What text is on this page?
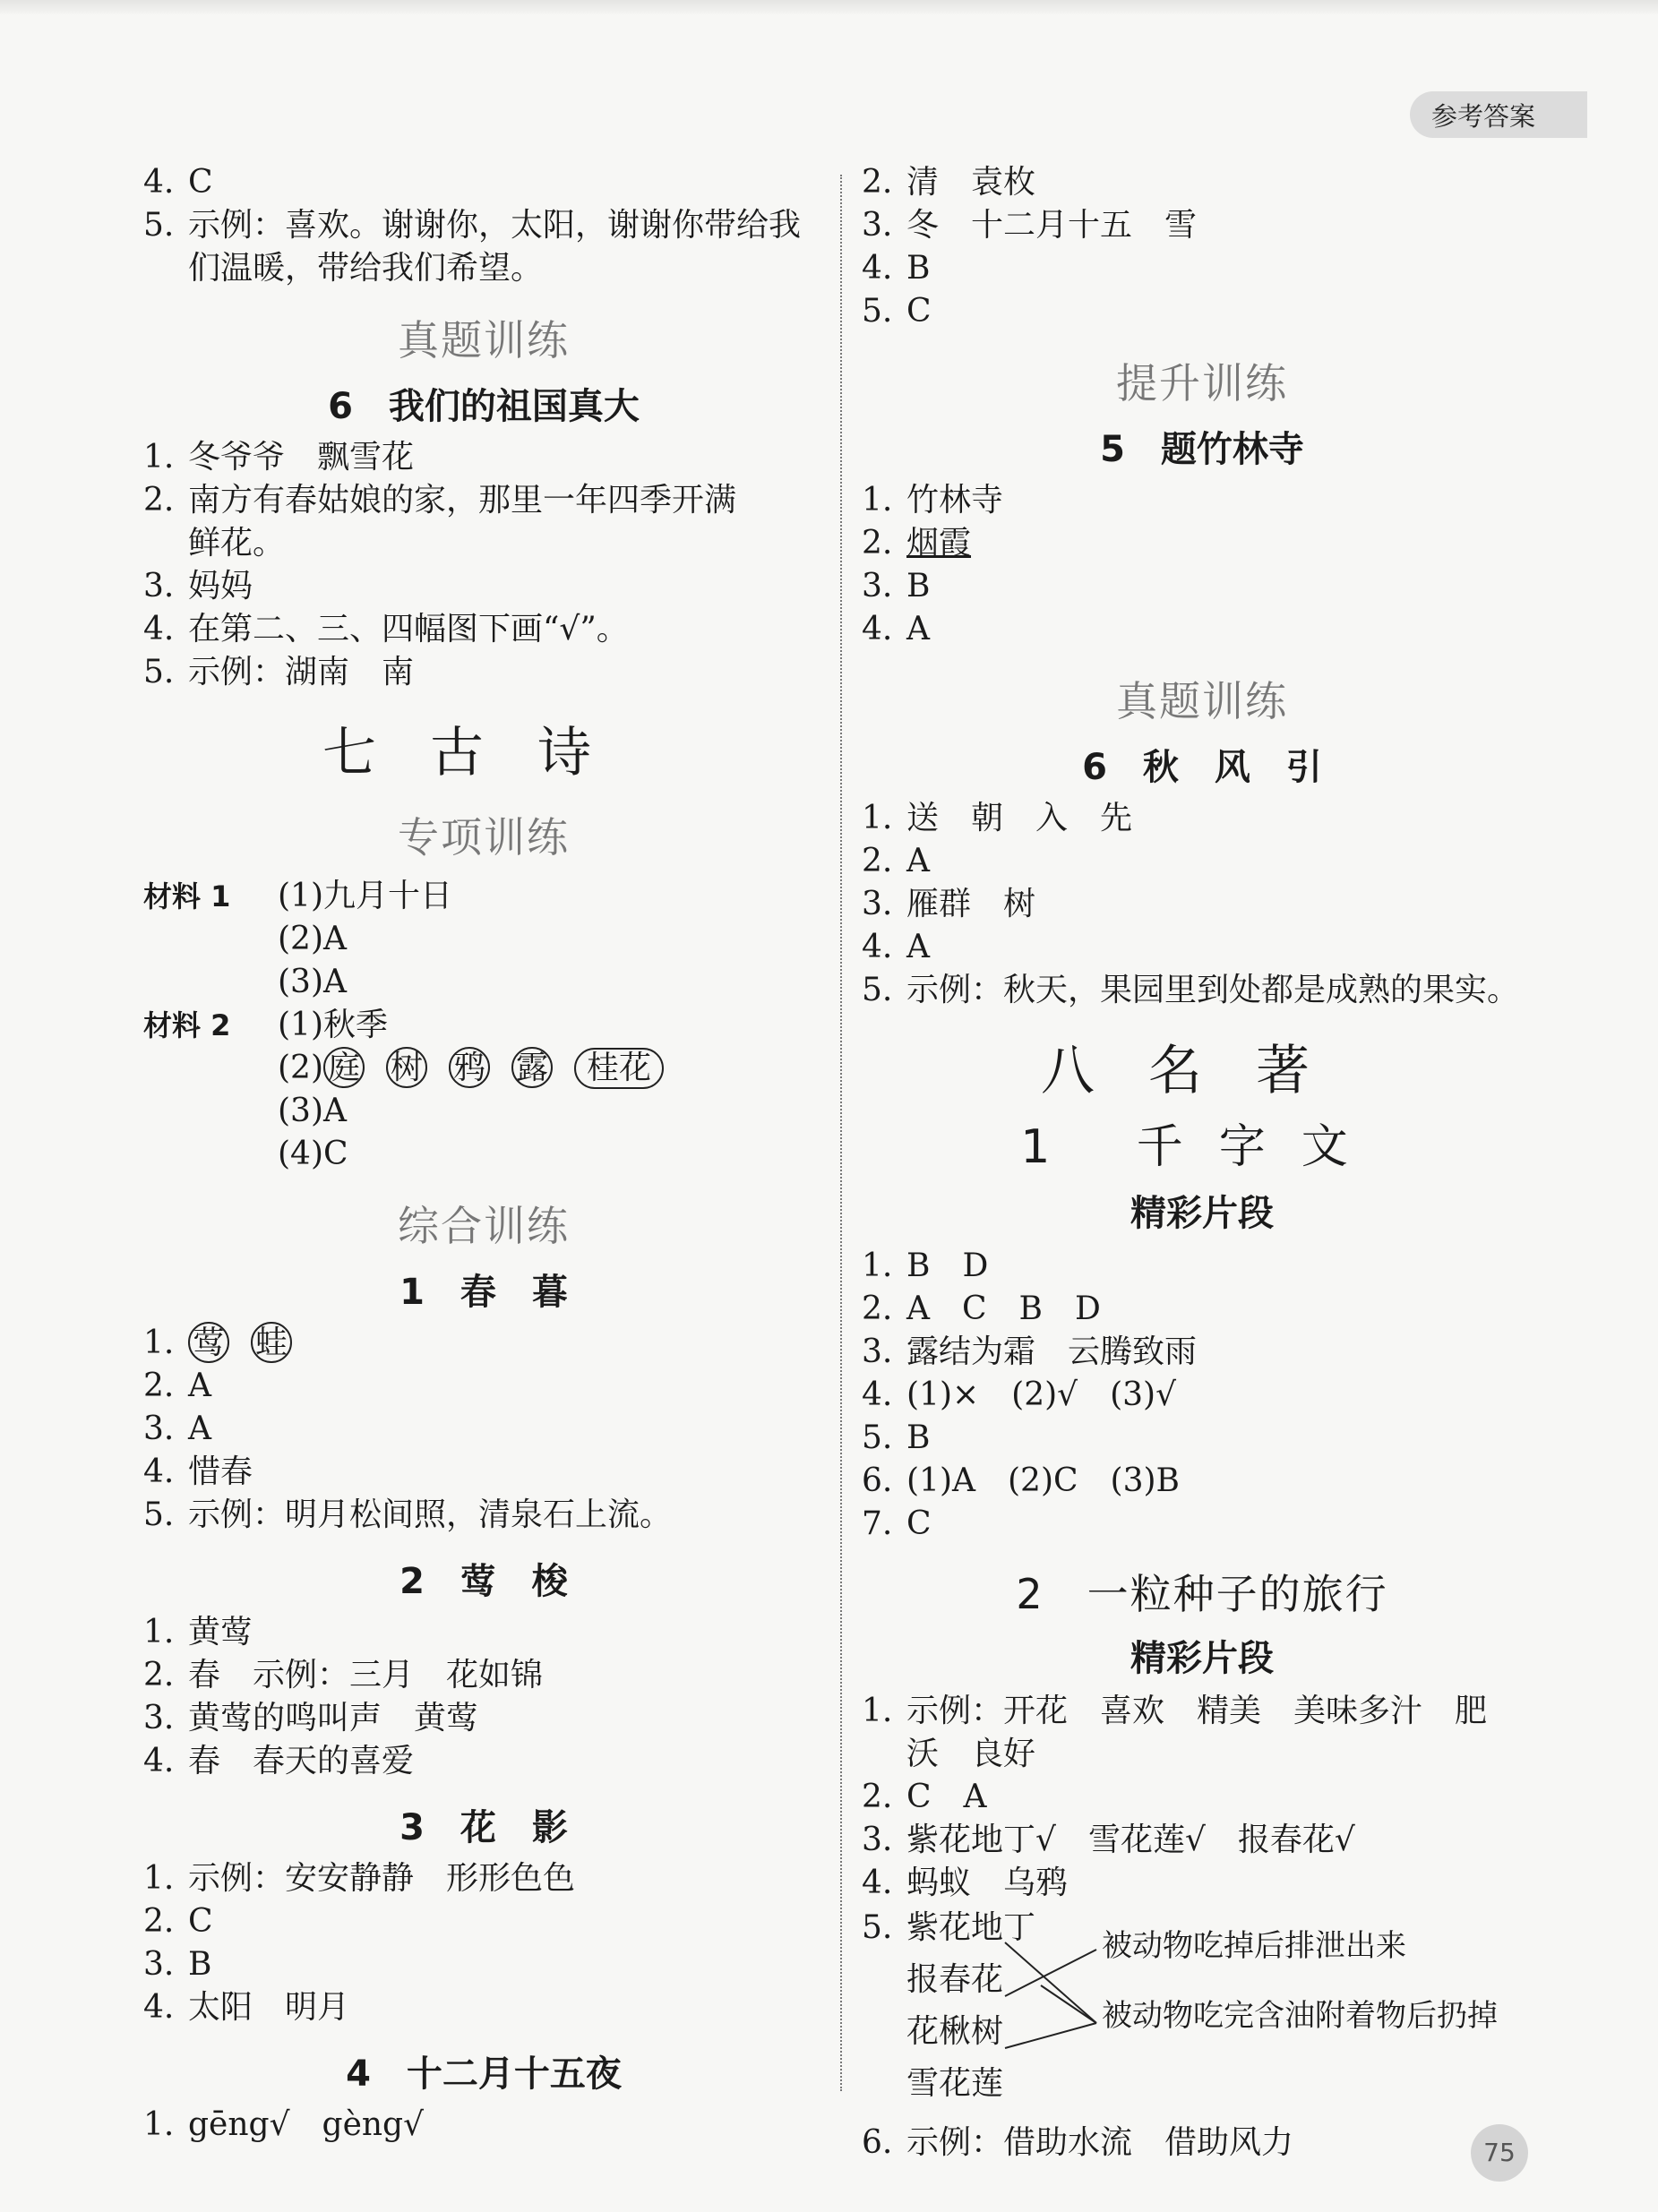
参考答案
4. C
5. 示例：喜欢。谢谢你，太阳，谢谢你带给我
们温暖，带给我们希望。
真题训练
6　我们的祖国真大
1. 冬爷爷　飘雪花
2. 南方有春姑娘的家，那里一年四季开满
鲜花。
3. 妈妈
4. 在第二、三、四幅图下画“√”。
5. 示例：湖南　南
七古诗
专项训练
材料 1 (1)九月十日
(2)A
(3)A
材料 2 (1)秋季
(2) 庭 树 鸦 露 桂花
(3)A
(4)C
综合训练
1　春　暮
1. 莺 蛙
2. A
3. A
4. 惜春
5. 示例：明月松间照，清泉石上流。
2　莺　梭
1. 黄莺
2. 春　示例：三月　花如锦
3. 黄莺的鸣叫声　黄莺
4. 春　春天的喜爱
3　花　影
1. 示例：安安静静　形形色色
2. C
3. B
4. 太阳　明月
4　十二月十五夜
1. gēng√　gèng√
2. 清　袁枚
3. 冬　十二月十五　雪
4. B
5. C
提升训练
5　题竹林寺
1. 竹林寺
2. 烟霞
3. B
4. A
真题训练
6　秋　风　引
1. 送　朝　入　先
2. A
3. 雁群　树
4. A
5. 示例：秋天，果园里到处都是成熟的果实。
八名著
1 千字文
精彩片段
1. B　D
2. A　C　B　D
3. 露结为霜　云腾致雨
4. (1)×　(2)√　(3)√
5. B
6. (1)A　(2)C　(3)B
7. C
2　一粒种子的旅行
精彩片段
1. 示例：开花　喜欢　精美　美味多汁　肥
沃　良好
2. C　A
3. 紫花地丁√　雪花莲√　报春花√
4. 蚂蚁　乌鸦
5. 紫花地丁
报春花
花楸树
雪花莲
被动物吃掉后排泄出来
被动物吃完含油附着物后扔掉
6. 示例：借助水流　借助风力	75
